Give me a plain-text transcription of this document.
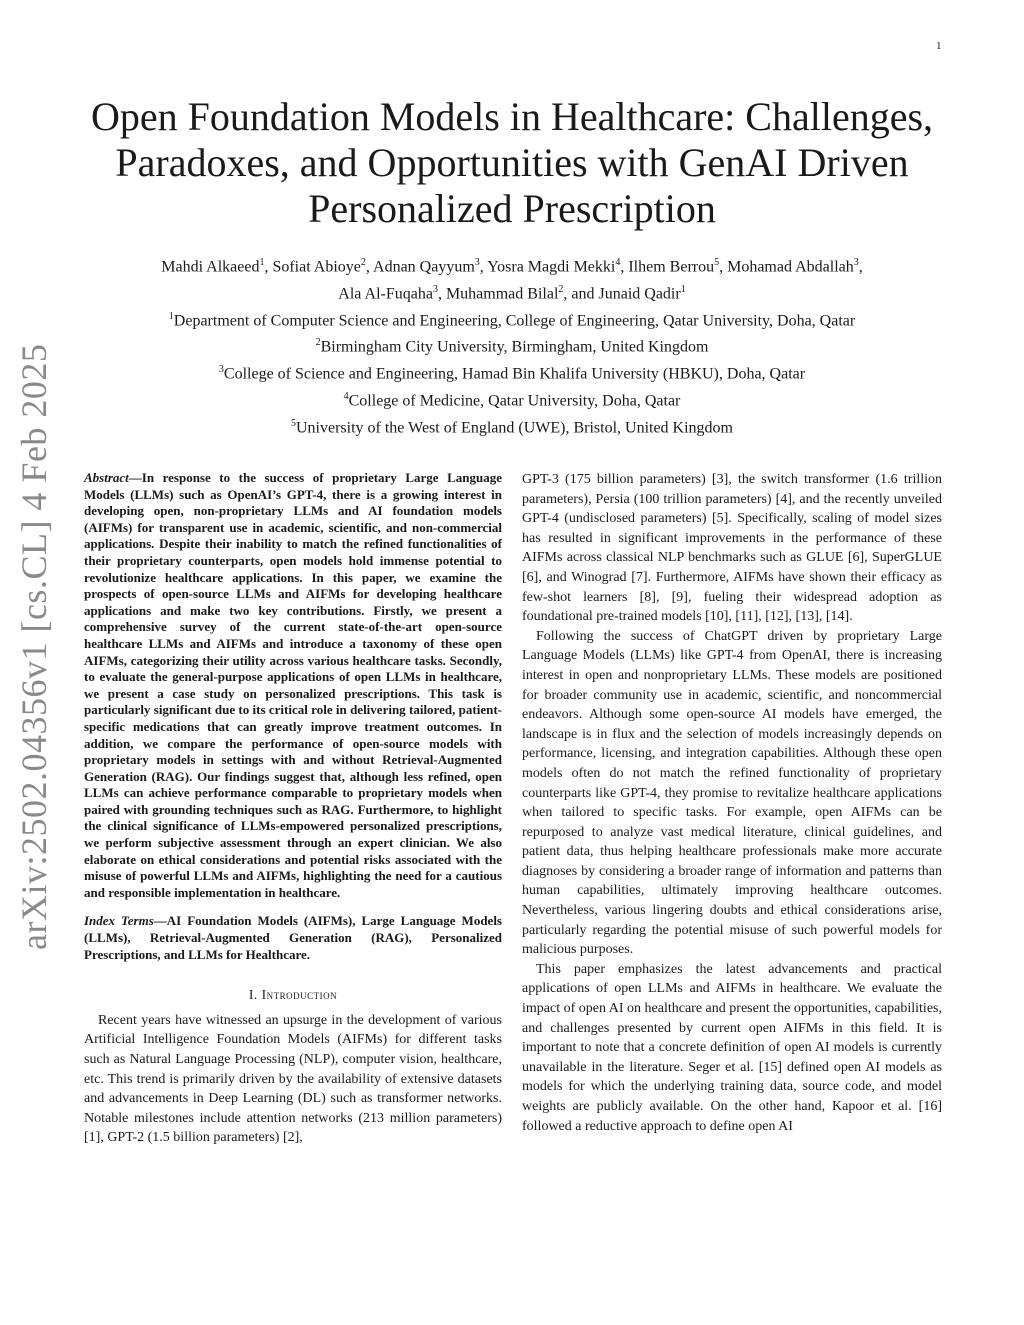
1
arXiv:2502.04356v1 [cs.CL] 4 Feb 2025
Open Foundation Models in Healthcare: Challenges, Paradoxes, and Opportunities with GenAI Driven Personalized Prescription
Mahdi Alkaeed$^1$, Sofiat Abioye$^2$, Adnan Qayyum$^3$, Yosra Magdi Mekki$^4$, Ilhem Berrou$^5$, Mohamad Abdallah$^3$,
Ala Al-Fuqaha$^3$, Muhammad Bilal$^2$, and Junaid Qadir$^1$
$^1$Department of Computer Science and Engineering, College of Engineering, Qatar University, Doha, Qatar
$^2$Birmingham City University, Birmingham, United Kingdom
$^3$College of Science and Engineering, Hamad Bin Khalifa University (HBKU), Doha, Qatar
$^4$College of Medicine, Qatar University, Doha, Qatar
$^5$University of the West of England (UWE), Bristol, United Kingdom

Abstract—In response to the success of proprietary Large Language Models (LLMs) such as OpenAI’s GPT-4, there is a growing interest in developing open, non-proprietary LLMs and AI foundation models (AIFMs) for transparent use in academic, scientific, and non-commercial applications. Despite their inability to match the refined functionalities of their proprietary counterparts, open models hold immense potential to revolutionize healthcare applications. In this paper, we examine the prospects of open-source LLMs and AIFMs for developing healthcare applications and make two key contributions. Firstly, we present a comprehensive survey of the current state-of-the-art open-source healthcare LLMs and AIFMs and introduce a taxonomy of these open AIFMs, categorizing their utility across various healthcare tasks. Secondly, to evaluate the general-purpose applications of open LLMs in healthcare, we present a case study on personalized prescriptions. This task is particularly significant due to its critical role in delivering tailored, patient-specific medications that can greatly improve treatment outcomes. In addition, we compare the performance of open-source models with proprietary models in settings with and without Retrieval-Augmented Generation (RAG). Our findings suggest that, although less refined, open LLMs can achieve performance comparable to proprietary models when paired with grounding techniques such as RAG. Furthermore, to highlight the clinical significance of LLMs-empowered personalized prescriptions, we perform subjective assessment through an expert clinician. We also elaborate on ethical considerations and potential risks associated with the misuse of powerful LLMs and AIFMs, highlighting the need for a cautious and responsible implementation in healthcare.

Index Terms—AI Foundation Models (AIFMs), Large Language Models (LLMs), Retrieval-Augmented Generation (RAG), Personalized Prescriptions, and LLMs for Healthcare.

I. Introduction

Recent years have witnessed an upsurge in the development of various Artificial Intelligence Foundation Models (AIFMs) for different tasks such as Natural Language Processing (NLP), computer vision, healthcare, etc. This trend is primarily driven by the availability of extensive datasets and advancements in Deep Learning (DL) such as transformer networks. Notable milestones include attention networks (213 million parameters) [1], GPT-2 (1.5 billion parameters) [2],

GPT-3 (175 billion parameters) [3], the switch transformer (1.6 trillion parameters), Persia (100 trillion parameters) [4], and the recently unveiled GPT-4 (undisclosed parameters) [5]. Specifically, scaling of model sizes has resulted in significant improvements in the performance of these AIFMs across classical NLP benchmarks such as GLUE [6], SuperGLUE [6], and Winograd [7]. Furthermore, AIFMs have shown their efficacy as few-shot learners [8], [9], fueling their widespread adoption as foundational pre-trained models [10], [11], [12], [13], [14].

Following the success of ChatGPT driven by proprietary Large Language Models (LLMs) like GPT-4 from OpenAI, there is increasing interest in open and nonproprietary LLMs. These models are positioned for broader community use in academic, scientific, and noncommercial endeavors. Although some open-source AI models have emerged, the landscape is in flux and the selection of models increasingly depends on performance, licensing, and integration capabilities. Although these open models often do not match the refined functionality of proprietary counterparts like GPT-4, they promise to revitalize healthcare applications when tailored to specific tasks. For example, open AIFMs can be repurposed to analyze vast medical literature, clinical guidelines, and patient data, thus helping healthcare professionals make more accurate diagnoses by considering a broader range of information and patterns than human capabilities, ultimately improving healthcare outcomes. Nevertheless, various lingering doubts and ethical considerations arise, particularly regarding the potential misuse of such powerful models for malicious purposes.

This paper emphasizes the latest advancements and practical applications of open LLMs and AIFMs in healthcare. We evaluate the impact of open AI on healthcare and present the opportunities, capabilities, and challenges presented by current open AIFMs in this field. It is important to note that a concrete definition of open AI models is currently unavailable in the literature. Seger et al. [15] defined open AI models as models for which the underlying training data, source code, and model weights are publicly available. On the other hand, Kapoor et al. [16] followed a reductive approach to define open AI
